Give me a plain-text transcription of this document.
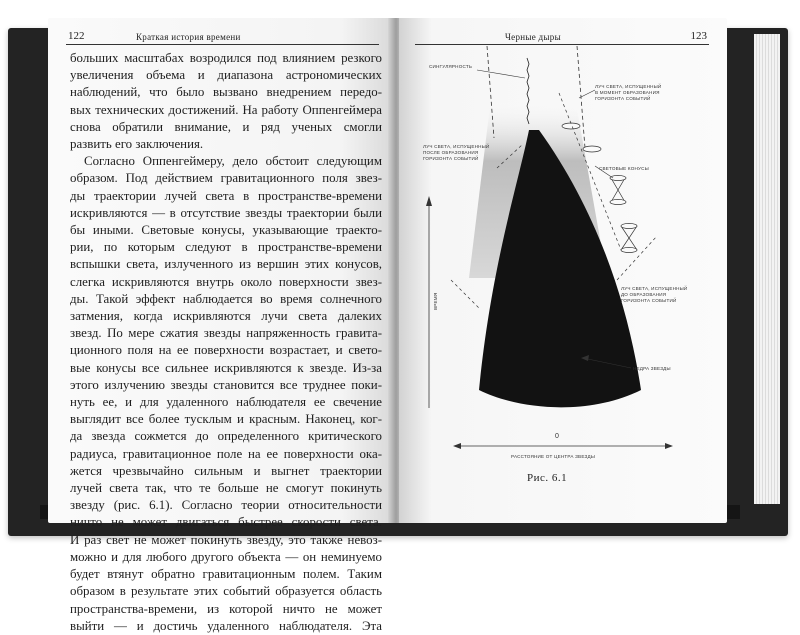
122	Краткая история времени
больших масштабах возродился под влиянием резкого
увеличения объема и диапазона астрономических
наблюдений, что было вызвано внедрением передо-
вых технических достижений. На работу Оппенгеймера
снова обратили внимание, и ряд ученых смогли
развить его заключения.
Согласно Оппенгеймеру, дело обстоит следующим
образом. Под действием гравитационного поля звез-
ды траектории лучей света в пространстве-времени
искривляются — в отсутствие звезды траектории были
бы иными. Световые конусы, указывающие траекто-
рии, по которым следуют в пространстве-времени
вспышки света, излученного из вершин этих конусов,
слегка искривляются внутрь около поверхности звез-
ды. Такой эффект наблюдается во время солнечного
затмения, когда искривляются лучи света далеких
звезд. По мере сжатия звезды напряженность гравита-
ционного поля на ее поверхности возрастает, и свето-
вые конусы все сильнее искривляются к звезде. Из-за
этого излучению звезды становится все труднее поки-
нуть ее, и для удаленного наблюдателя ее свечение
выглядит все более тусклым и красным. Наконец, ког-
да звезда сожмется до определенного критического
радиуса, гравитационное поле на ее поверхности ока-
жется чрезвычайно сильным и выгнет траектории
лучей света так, что те больше не смогут покинуть
звезду (рис. 6.1). Согласно теории относительности
ничто не может двигаться быстрее скорости света.
И раз свет не может покинуть звезду, это также невоз-
можно и для любого другого объекта — он неминуемо
будет втянут обратно гравитационным полем. Таким
образом в результате этих событий образуется область
пространства-времени, из которой ничто не может
выйти — и достичь удаленного наблюдателя. Эта
Черные дыры	123
СИНГУЛЯРНОСТЬ
ЛУЧ СВЕТА, ИСПУЩЕННЫЙ
В МОМЕНТ ОБРАЗОВАНИЯ
ГОРИЗОНТА СОБЫТИЙ
ЛУЧ СВЕТА, ИСПУЩЕННЫЙ
ПОСЛЕ ОБРАЗОВАНИЯ
ГОРИЗОНТА СОБЫТИЙ
СВЕТОВЫЕ КОНУСЫ
ВРЕМЯ
ЛУЧ СВЕТА, ИСПУЩЕННЫЙ
ДО ОБРАЗОВАНИЯ
ГОРИЗОНТА СОБЫТИЙ
НЕДРА ЗВЕЗДЫ
0
РАССТОЯНИЕ ОТ ЦЕНТРА ЗВЕЗДЫ
Рис. 6.1
